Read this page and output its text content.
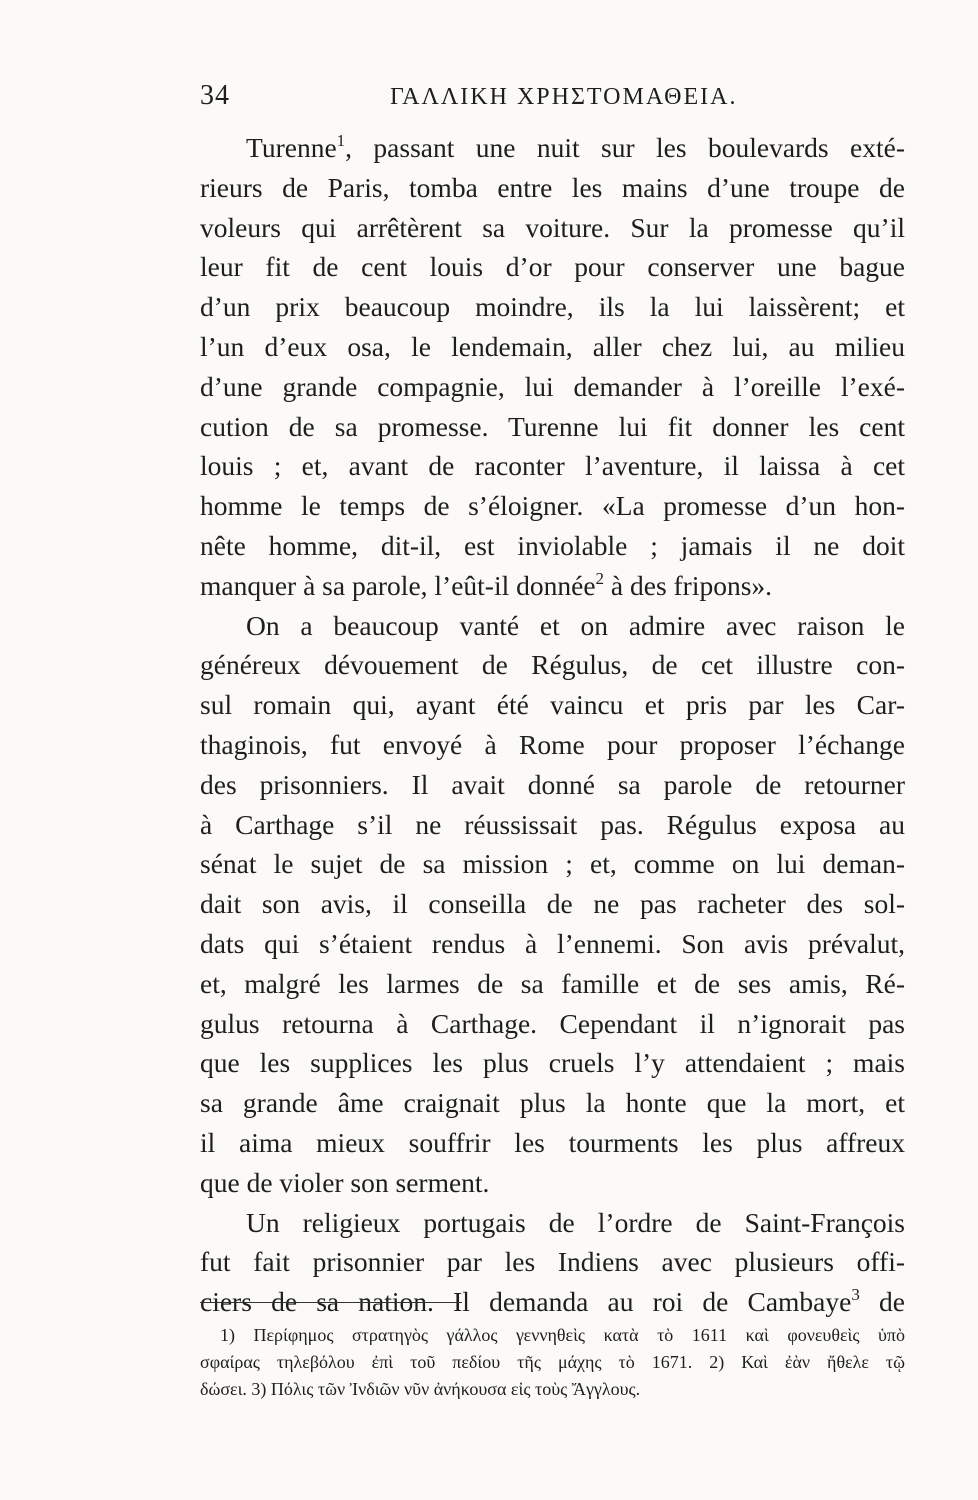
34	ΓΑΛΛΙΚΗ ΧΡΗΣΤΟΜΑΘΕΙΑ.
Turenne$^1$, passant une nuit sur les boulevards exté-
rieurs de Paris, tomba entre les mains d’une troupe de
voleurs qui arrêtèrent sa voiture. Sur la promesse qu’il
leur fit de cent louis d’or pour conserver une bague
d’un prix beaucoup moindre, ils la lui laissèrent; et
l’un d’eux osa, le lendemain, aller chez lui, au milieu
d’une grande compagnie, lui demander à l’oreille l’exé-
cution de sa promesse. Turenne lui fit donner les cent
louis ; et, avant de raconter l’aventure, il laissa à cet
homme le temps de s’éloigner. «La promesse d’un hon-
nête homme, dit-il, est inviolable ; jamais il ne doit
manquer à sa parole, l’eût-il donnée$^2$ à des fripons».
On a beaucoup vanté et on admire avec raison le
généreux dévouement de Régulus, de cet illustre con-
sul romain qui, ayant été vaincu et pris par les Car-
thaginois, fut envoyé à Rome pour proposer l’échange
des prisonniers. Il avait donné sa parole de retourner
à Carthage s’il ne réussissait pas. Régulus exposa au
sénat le sujet de sa mission ; et, comme on lui deman-
dait son avis, il conseilla de ne pas racheter des sol-
dats qui s’étaient rendus à l’ennemi. Son avis prévalut,
et, malgré les larmes de sa famille et de ses amis, Ré-
gulus retourna à Carthage. Cependant il n’ignorait pas
que les supplices les plus cruels l’y attendaient ; mais
sa grande âme craignait plus la honte que la mort, et
il aima mieux souffrir les tourments les plus affreux
que de violer son serment.
Un religieux portugais de l’ordre de Saint-François
fut fait prisonnier par les Indiens avec plusieurs offi-
ciers de sa nation. Il demanda au roi de Cambaye$^3$ de
1) Περίφημος στρατηγὸς γάλλος γεννηθεὶς κατὰ τὸ 1611 καὶ φονευθεὶς ὑπὸ
σφαίρας τηλεβόλου ἐπὶ τοῦ πεδίου τῆς μάχης τὸ 1671. 2) Καὶ ἐὰν ἤθελε τῷ
δώσει. 3) Πόλις τῶν Ἰνδιῶν νῦν ἀνήκουσα εἰς τοὺς Ἄγγλους.
